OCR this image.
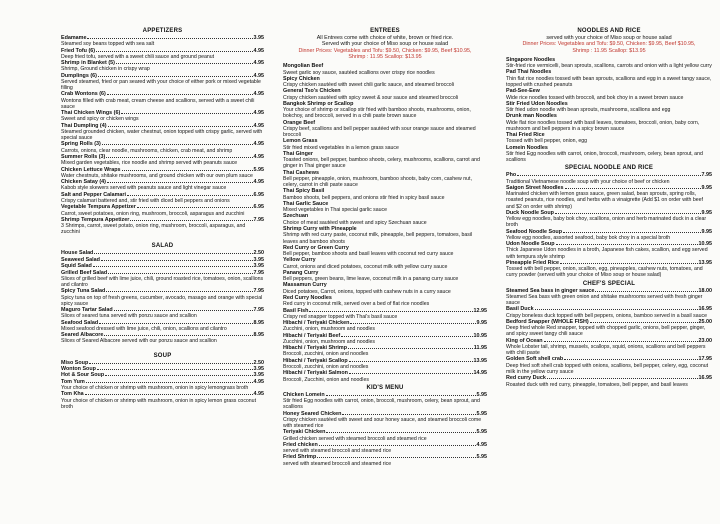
APPETIZERS
Edamame	3.95
Steamed soy beans topped with sea salt
Fried Tofu (6)	4.95
Deep fried tofu, served with a sweet chili sauce and ground peanut
Shrimp in Blanket (5)	4.95
Shrimp, Ground chicken in crispy wrap
Dumplings (6)	4.95
Served steamed, fried or pan seared with your choice of either pork or mixed vegetable filling
Crab Wontons (6)	4.95
Wontons filled with crab meat, cream cheese and scallions, served with a sweet chili sauce
Thai Chicken Wings (6)	4.95
Sweet and spicy or chicken wings
Thai Dumpling (4)	4.95
Steamed grounded chicken, water chestnut, onion topped with crispy garlic, served with special sauce
Spring Rolls (3)	4.95
Carrots, onions, clear noodle, mushrooms, chicken, crab meat, and shrimp
Summer Rolls (3)	4.95
Mixed garden vegetables, rice noodle and shrimp served with peanuts sauce
Chicken Lettuce Wraps	5.95
Water chestnuts, shitake mushrooms, and ground chicken with our own plum sauce
Chicken Satay (4)	4.95
Kabob style skewers served with peanuts sauce and light vinegar sauce
Salt and Pepper Calamari	6.95
Crispy calamari battered and, stir fried with diced bell peppers and onions
Vegetable Tempura Appetizer	6.95
Carrot, sweet potatoes, onion ring, mushroom, broccoli, asparagus and zucchini
Shrimp Tempura Appetizer	7.95
3 Shrimps, carrot, sweet potato, onion ring, mushroom, broccoli, asparagus, and zucchini
SALAD
House Salad	2.50
Seaweed Salad	3.95
Squid Salad	3.95
Grilled Beef Salad	7.95
Slices of grilled beef with lime juice, chili, ground roasted rice, tomatoes, onion, scallions and cilantro
Spicy Tuna Salad	7.95
Spicy tuna on top of fresh greens, cucumber, avocado, masago and orange with special spicy sauce
Maguro Tartar Salad	7.95
Slices of seared tuna served with ponzu sauce and scallion
Seafood Salad	8.95
Mixed seafood dressed with lime juice, chili, onion, scallions and cilantro
Seared Albacore	8.95
Slices of Seared Albacore served with our ponzu sauce and scallion
SOUP
Miso Soup	2.50
Wonton Soup	3.95
Hot & Sour Soup	3.95
Tom Yum	4.95
Your choice of chicken or shrimp with mushroom, onion in spicy lemongrass broth
Tom Kha	4.95
Your choice of chicken or shrimp with mushroom, onion in spicy lemon grass coconut broth
ENTREES
All Entrees come with choice of white, brown or fried rice.
Served with your choice of Miso soup or house salad
Dinner Prices: Vegetables and Tofu: $9.50, Chicken: $9.95, Beef $10.95,
Shrimp : 11.95 Scallop: $13.95
Mongolian Beef
Sweet garlic soy sauce, sautéed scallions over crispy rice noodles
Spicy Chicken
Crispy chicken sautéed with sweet chili garlic sauce, and steamed broccoli
General Tso's Chicken
Crispy chicken sautéed with spicy sweet & sour sauce and steamed broccoli
Bangkok Shrimp or Scallop
Your choice of shrimp or scallop stir fried with bamboo shoots, mushrooms, onion, bokchoy, and broccoli, served in a chili paste brown sauce
Orange Beef
Crispy beef, scallions and bell pepper sautéed with sour orange sauce and steamed broccoli
Lemon Grass
Stir fried mixed vegetables in a lemon grass sauce
Thai Ginger
Toasted onions, bell pepper, bamboo shoots, celery, mushrooms, scallions, carrot and ginger in Thai ginger sauce
Thai Cashews
Bell pepper, pineapple, onion, mushroom, bamboo shoots, baby corn, cashew nut, celery, carrot in chili paste sauce
Thai Spicy Basil
Bamboo shoots, bell peppers, and onions stir fried in spicy basil sauce
Thai Garlic Sauce
Mixed vegetables in Thai special garlic sauce
Szechuan
Choice of meat sautéed with sweet and spicy Szechuan sauce
Shrimp Curry with Pineapple
Shrimp with red curry paste, coconut milk, pineapple, bell peppers, tomatoes, basil leaves and bamboo shoots
Red Curry or Green Curry
Bell pepper, bamboo shoots and basil leaves with coconut red curry sauce
Yellow Curry
Carrot, onions and diced potatoes, coconut milk with yellow curry sauce
Panang Curry
Bell peppers, green beans, lime leave, coconut milk in a panang curry sauce
Massamun Curry
Diced potatoes, Carrot, onions, topped with cashew nuts in a curry sauce
Red Curry Noodles
Red curry in coconut milk, served over a bed of flat rice noodles
Basil Fish	12.95
Crispy red snapper topped with Thai's basil sauce
Hibachi / Teriyaki Chicken	9.95
Zucchini, onion, mushroom and noodles
Hibachi / Teriyaki Beef	10.95
Zucchini, onion, mushroom and noodles
Hibachi / Teriyaki Shrimp	11.95
Broccoli, zucchini, onion and noodles
Hibachi / Teriyaki Scallop	13.95
Broccoli, zucchini, onion and noodles
Hibachi / Teriyaki Salmon	14.95
Broccoli, Zucchini, onion and noodles
KID'S MENU
Chicken Lomein	5.95
Stir fried Egg noodles with carrot, onion, broccoli, mushroom, celery, bean sprout, and scallions
Honey Seared Chicken	5.95
Crispy chicken sautéed with sweet and sour honey sauce, and steamed broccoli come with steamed rice
Teriyaki Chicken	5.95
Grilled chicken served with steamed broccoli and steamed rice
Fried chicken	4.95
served with steamed broccoli and steamed rice
Fried Shrimp	5.95
served with steamed broccoli and steamed rice
NOODLES AND RICE
served with your choice of Miso soup or house salad
Dinner Prices: Vegetables and Tofu: $9.50, Chicken: $9.95, Beef $10.95,
Shrimp : 11.95 Scallop: $13.95
Singapore Noodles
Stir-fried rice vermicelli, bean sprouts, scallions, carrots and onion with a light yellow curry
Pad Thai Noodles
Thin flat rice noodles tossed with bean sprouts, scallions and egg in a sweet tangy sauce, topped with crushed peanuts
Pad-See-Eew
Wide rice noodles tossed with broccoli, and bok choy in a sweet brown sauce
Stir Fried Udon Noodles
Stir fried udon noodle with bean sprouts, mushrooms, scallions and egg
Drunk man Noodles
Wide flat rice noodles tossed with basil leaves, tomatoes, broccoli, onion, baby corn, mushroom and bell peppers in a spicy brown sauce
Thai Fried Rice
Tossed with bell pepper, onion, egg
Lomein Noodles
Stir fried Egg noodles with carrot, onion, broccoli, mushroom, celery, bean sprout, and scallions
SPECIAL NOODLE AND RICE
Pho	7.95
Traditional Vietnamese noodle soup with your choice of beef or chicken
Saigon Street Noodles	9.95
Marinated chicken with lemon grass sauce, green salad, bean sprouts, spring rolls, roasted peanuts, rice noodles, and herbs with a vinaigrette (Add $1 on order with beef and $2 on order with shrimp)
Duck Noodle Soup	9.95
Yellow egg noodles, baby bok choy, scallions, onion and herb marinated duck in a clear broth
Seafood Noodle Soup	9.95
Yellow egg noodles, assorted seafood, baby bok choy in a special broth
Udon Noodle Soup	10.95
Thick Japanese Udon noodles in a broth, Japanese fish cakes, scallion, and egg served with tempura style shrimp
Pineapple Fried Rice	13.95
Tossed with bell pepper, onion, scallion, egg, pineapples, cashew nuts, tomatoes, and curry powder (served with your choice of Miso soup or house salad)
CHEF'S SPECIAL
Steamed Sea bass in ginger sauce	18.00
Steamed Sea bass with green onion and shitake mushrooms served with fresh ginger sauce
Basil Duck	16.95
Crispy boneless duck topped with bell peppers, onions, bamboo served in a basil sauce
Bedford Snapper (WHOLE FISH)	25.00
Deep fried whole Red snapper, topped with chopped garlic, onions, bell pepper, ginger, and spicy sweet tangy chili sauce
King of Ocean	23.00
Whole Lobster tail, shrimp, mussels, scallops, squid, onions, scallions and bell peppers with chili paste
Golden Soft shell crab	17.95
Deep fried soft shell crab topped with onions, scallions, bell pepper, celery, egg, coconut milk in the yellow curry sauce
Red curry Duck	16.95
Roasted duck with red curry, pineapple, tomatoes, bell pepper, and basil leaves
